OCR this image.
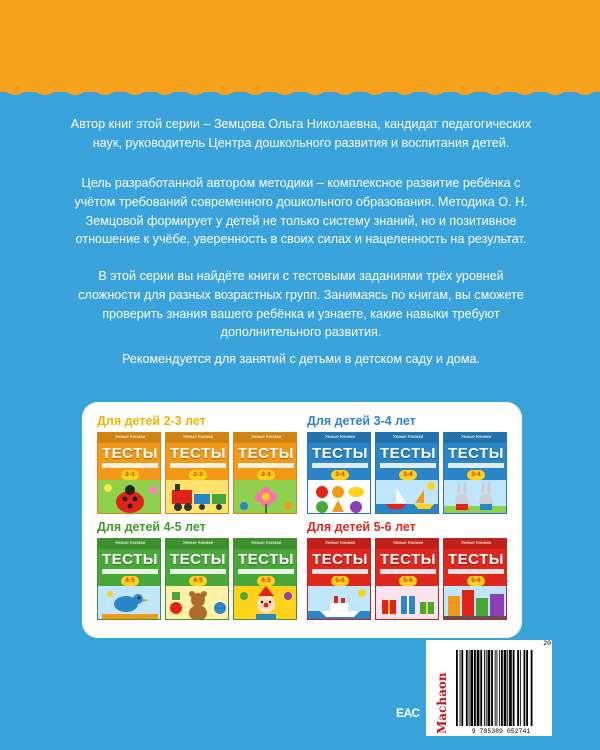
Автор книг этой серии – Земцова Ольга Николаевна, кандидат педагогических наук, руководитель Центра дошкольного развития и воспитания детей.

Цель разработанной автором методики – комплексное развитие ребёнка с учётом требований современного дошкольного образования. Методика О. Н. Земцовой формирует у детей не только систему знаний, но и позитивное отношение к учёбе, уверенность в своих силах и нацеленность на результат.

В этой серии вы найдёте книги с тестовыми заданиями трёх уровней сложности для разных возрастных групп. Занимаясь по книгам, вы сможете проверить знания вашего ребёнка и узнаете, какие навыки требуют дополнительного развития.

Рекомендуется для занятий с детьми в детском саду и дома.

Для детей 2-3 лет
Умные Книжки
ТЕСТЫ
2-3
Умные Книжки
ТЕСТЫ
2-3
Умные Книжки
ТЕСТЫ
2-3
Для детей 3-4 лет
Умные Книжки
ТЕСТЫ
3-4
Умные Книжки
ТЕСТЫ
3-4
Умные Книжки
ТЕСТЫ
3-4
Для детей 4-5 лет
Умные Книжки
ТЕСТЫ
4-5
Умные Книжки
ТЕСТЫ
4-5
Умные Книжки
ТЕСТЫ
4-5
Для детей 5-6 лет
Умные Книжки
ТЕСТЫ
5-6
Умные Книжки
ТЕСТЫ
5-6
Умные Книжки
ТЕСТЫ
5-6
ЕАС Machaon	9 785389 052741
20
